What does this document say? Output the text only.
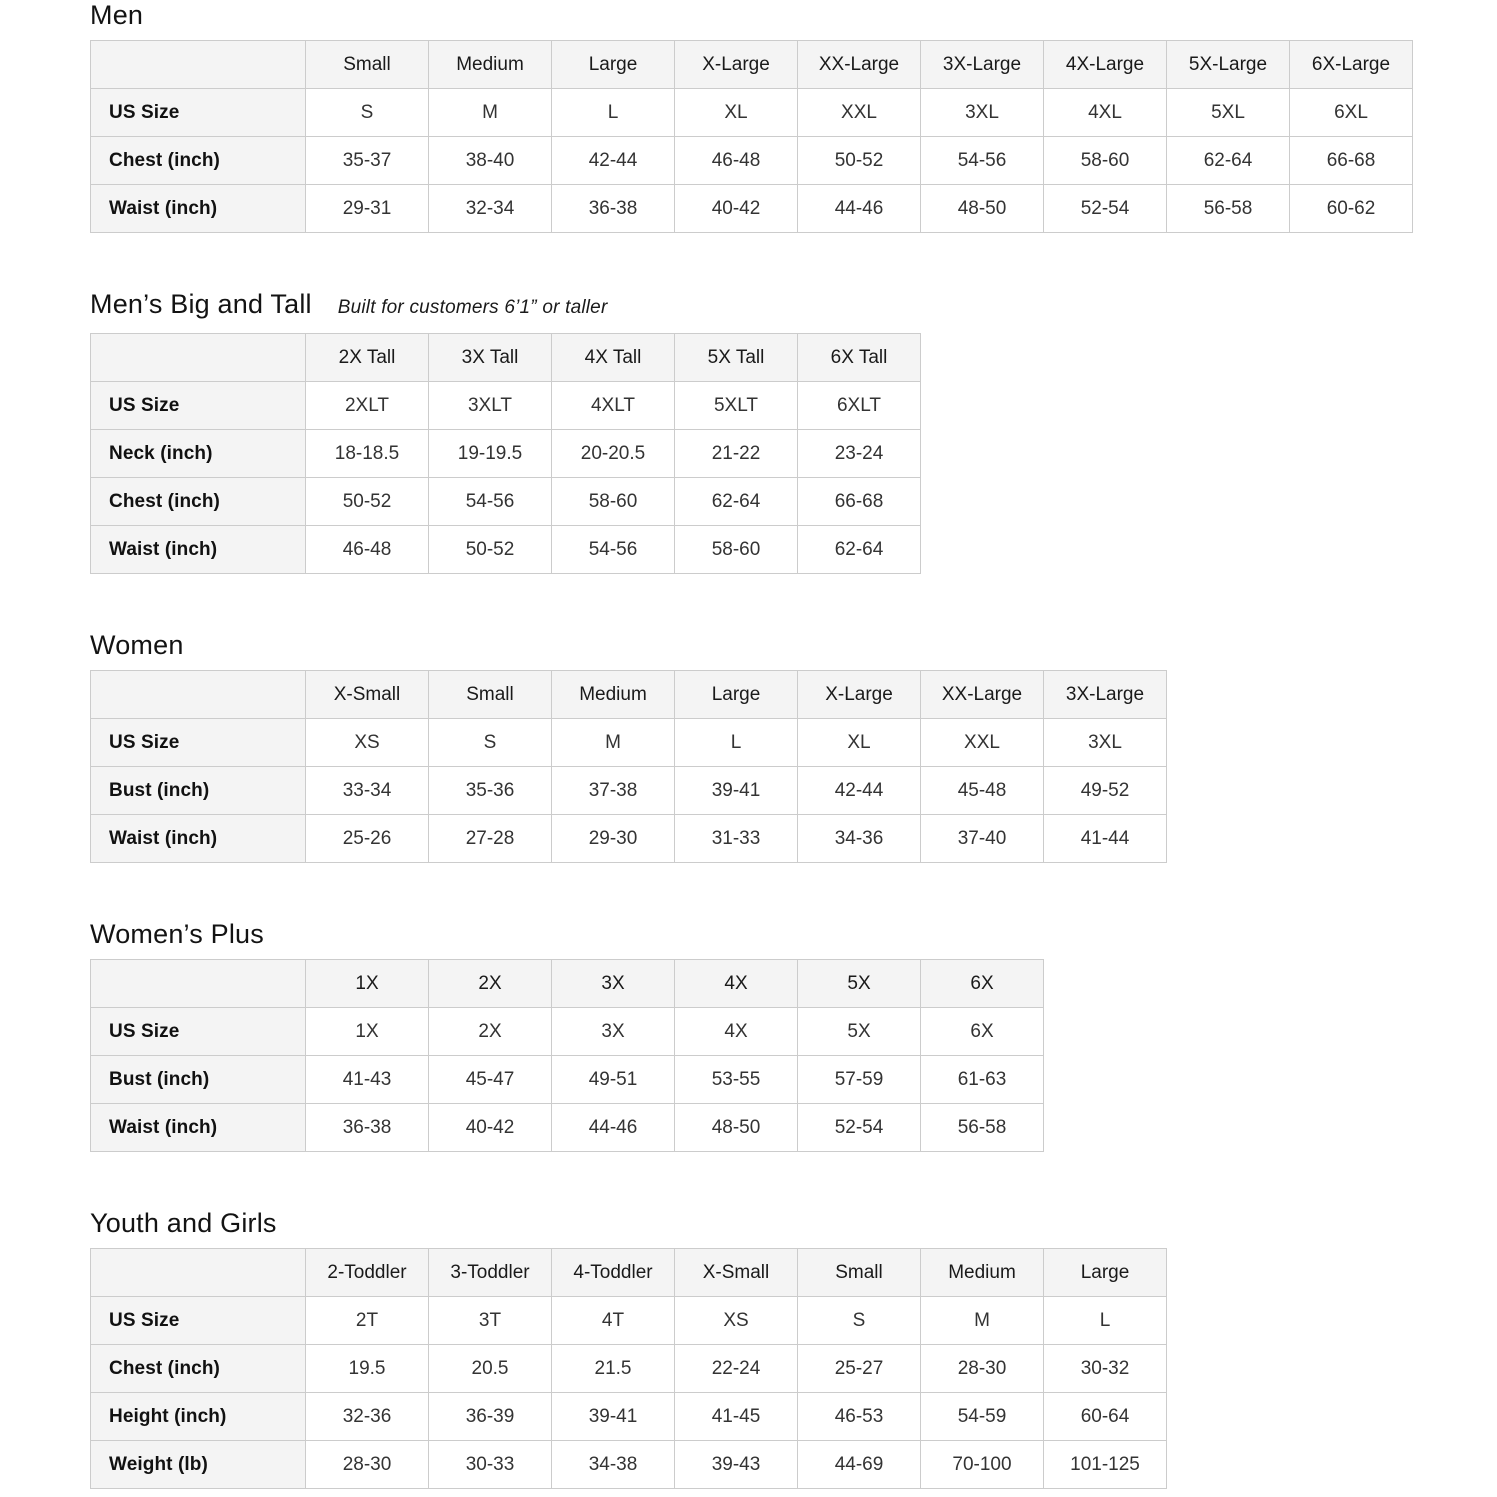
Men
	Small	Medium	Large	X-Large	XX-Large	3X-Large	4X-Large	5X-Large	6X-Large
US Size	S	M	L	XL	XXL	3XL	4XL	5XL	6XL
Chest (inch)	35-37	38-40	42-44	46-48	50-52	54-56	58-60	62-64	66-68
Waist (inch)	29-31	32-34	36-38	40-42	44-46	48-50	52-54	56-58	60-62
Men’s Big and Tall Built for customers 6’1” or taller
	2X Tall	3X Tall	4X Tall	5X Tall	6X Tall
US Size	2XLT	3XLT	4XLT	5XLT	6XLT
Neck (inch)	18-18.5	19-19.5	20-20.5	21-22	23-24
Chest (inch)	50-52	54-56	58-60	62-64	66-68
Waist (inch)	46-48	50-52	54-56	58-60	62-64
Women
	X-Small	Small	Medium	Large	X-Large	XX-Large	3X-Large
US Size	XS	S	M	L	XL	XXL	3XL
Bust (inch)	33-34	35-36	37-38	39-41	42-44	45-48	49-52
Waist (inch)	25-26	27-28	29-30	31-33	34-36	37-40	41-44
Women’s Plus
	1X	2X	3X	4X	5X	6X
US Size	1X	2X	3X	4X	5X	6X
Bust (inch)	41-43	45-47	49-51	53-55	57-59	61-63
Waist (inch)	36-38	40-42	44-46	48-50	52-54	56-58
Youth and Girls
	2-Toddler	3-Toddler	4-Toddler	X-Small	Small	Medium	Large
US Size	2T	3T	4T	XS	S	M	L
Chest (inch)	19.5	20.5	21.5	22-24	25-27	28-30	30-32
Height (inch)	32-36	36-39	39-41	41-45	46-53	54-59	60-64
Weight (lb)	28-30	30-33	34-38	39-43	44-69	70-100	101-125
